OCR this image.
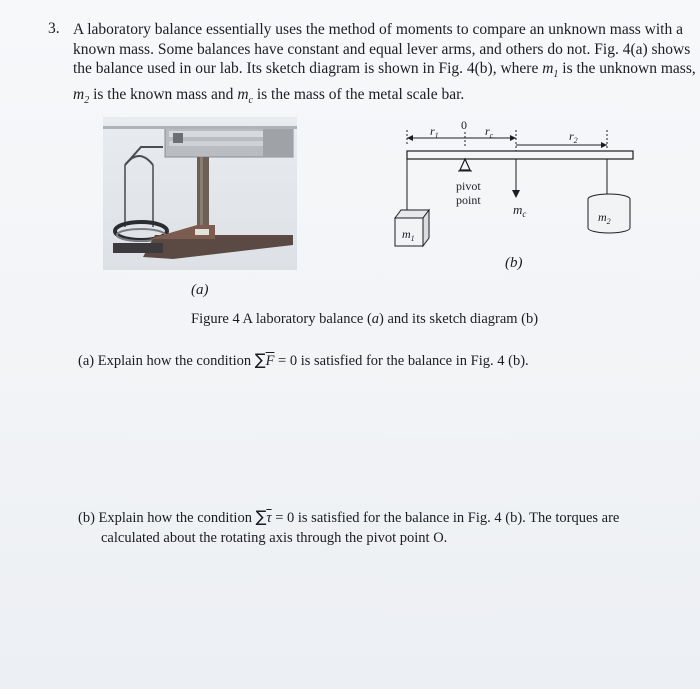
3. A laboratory balance essentially uses the method of moments to compare an unknown mass with a
known mass. Some balances have constant and equal lever arms, and others do not. Fig. 4(a) shows
the balance used in our lab. Its sketch diagram is shown in Fig. 4(b), where $m_1$ is the unknown mass,
$m_2$ is the known mass and $m_c$ is the mass of the metal scale bar.
(a)
$r_1$
0 $r_c$	$r_2$
pivot
point
$m_c$
$m_1$
$m_2$
(b)
Figure 4 A laboratory balance (a) and its sketch diagram (b)
(a) Explain how the condition $\sum\overline{F} = 0$ is satisfied for the balance in Fig. 4 (b).
(b) Explain how the condition $\sum\overline{\tau} = 0$ is satisfied for the balance in Fig. 4 (b). The torques are
calculated about the rotating axis through the pivot point O.
